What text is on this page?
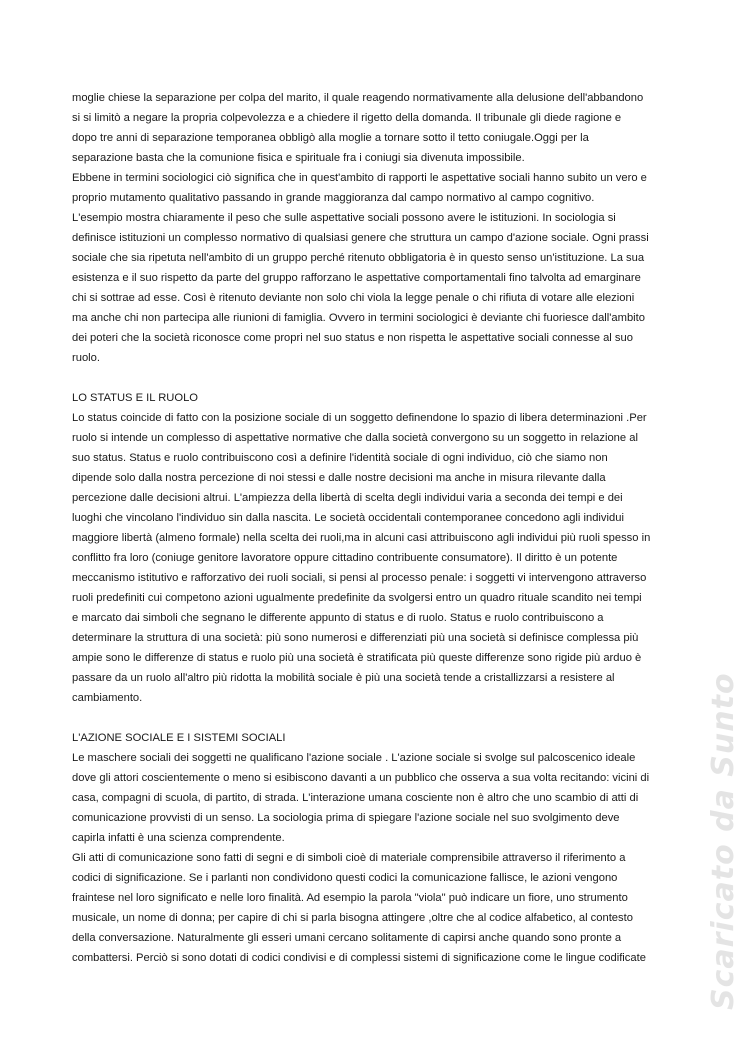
moglie chiese la separazione per colpa del marito, il quale reagendo normativamente alla delusione dell'abbandono
si si limitò a negare la propria colpevolezza e a chiedere il rigetto della domanda. Il tribunale gli diede ragione e
dopo tre anni di separazione temporanea obbligò alla moglie a tornare sotto il tetto coniugale.Oggi per la
separazione basta che la comunione fisica e spirituale fra i coniugi sia divenuta impossibile.
Ebbene in termini sociologici ciò significa che in quest'ambito di rapporti le aspettative sociali hanno subito un vero e
proprio mutamento qualitativo passando in grande maggioranza dal campo normativo al campo cognitivo.
L'esempio mostra chiaramente il peso che sulle aspettative sociali possono avere le istituzioni. In sociologia si
definisce istituzioni un complesso normativo di qualsiasi genere che struttura un campo d'azione sociale. Ogni prassi
sociale che sia ripetuta nell'ambito di un gruppo perché ritenuto obbligatoria è in questo senso un'istituzione. La sua
esistenza e il suo rispetto da parte del gruppo rafforzano le aspettative comportamentali fino talvolta ad emarginare
chi si sottrae ad esse. Così è ritenuto deviante non solo chi viola la legge penale o chi rifiuta di votare alle elezioni
ma anche chi non partecipa alle riunioni di famiglia. Ovvero in termini sociologici è deviante chi fuoriesce dall'ambito
dei poteri che la società riconosce come propri nel suo status e non rispetta le aspettative sociali connesse al suo
ruolo.
LO STATUS E IL RUOLO
Lo status coincide di fatto con la posizione sociale di un soggetto definendone lo spazio di libera determinazioni .Per
ruolo si intende un complesso di aspettative normative che dalla società convergono su un soggetto in relazione al
suo status. Status e ruolo contribuiscono così a definire l'identità sociale di ogni individuo, ciò che siamo non
dipende solo dalla nostra percezione di noi stessi e dalle nostre decisioni ma anche in misura rilevante dalla
percezione dalle decisioni altrui. L'ampiezza della libertà di scelta degli individui varia a seconda dei tempi e dei
luoghi che vincolano l'individuo sin dalla nascita. Le società occidentali contemporanee concedono agli individui
maggiore libertà (almeno formale) nella scelta dei ruoli,ma in alcuni casi attribuiscono agli individui più ruoli spesso in
conflitto fra loro (coniuge genitore lavoratore oppure cittadino contribuente consumatore). Il diritto è un potente
meccanismo istitutivo e rafforzativo dei ruoli sociali, si pensi al processo penale: i soggetti vi intervengono attraverso
ruoli predefiniti cui competono azioni ugualmente predefinite da svolgersi entro un quadro rituale scandito nei tempi
e marcato dai simboli che segnano le differente appunto di status e di ruolo. Status e ruolo contribuiscono a
determinare la struttura di una società: più sono numerosi e differenziati più una società si definisce complessa più
ampie sono le differenze di status e ruolo più una società è stratificata più queste differenze sono rigide più arduo è
passare da un ruolo all'altro più ridotta la mobilità sociale è più una società tende a cristallizzarsi a resistere al
cambiamento.
L'AZIONE SOCIALE E I SISTEMI SOCIALI
Le maschere sociali dei soggetti ne qualificano l'azione sociale . L'azione sociale si svolge sul palcoscenico ideale
dove gli attori coscientemente o meno si esibiscono davanti a un pubblico che osserva a sua volta recitando: vicini di
casa, compagni di scuola, di partito, di strada. L'interazione umana cosciente non è altro che uno scambio di atti di
comunicazione provvisti di un senso. La sociologia prima di spiegare l'azione sociale nel suo svolgimento deve
capirla infatti è una scienza comprendente.
Gli atti di comunicazione sono fatti di segni e di simboli cioè di materiale comprensibile attraverso il riferimento a
codici di significazione. Se i parlanti non condividono questi codici la comunicazione fallisce, le azioni vengono
fraintese nel loro significato e nelle loro finalità. Ad esempio la parola "viola" può indicare un fiore, uno strumento
musicale, un nome di donna; per capire di chi si parla bisogna attingere ,oltre che al codice alfabetico, al contesto
della conversazione. Naturalmente gli esseri umani cercano solitamente di capirsi anche quando sono pronte a
combattersi. Perciò si sono dotati di codici condivisi e di complessi sistemi di significazione come le lingue codificate	Scaricato da Sunto
